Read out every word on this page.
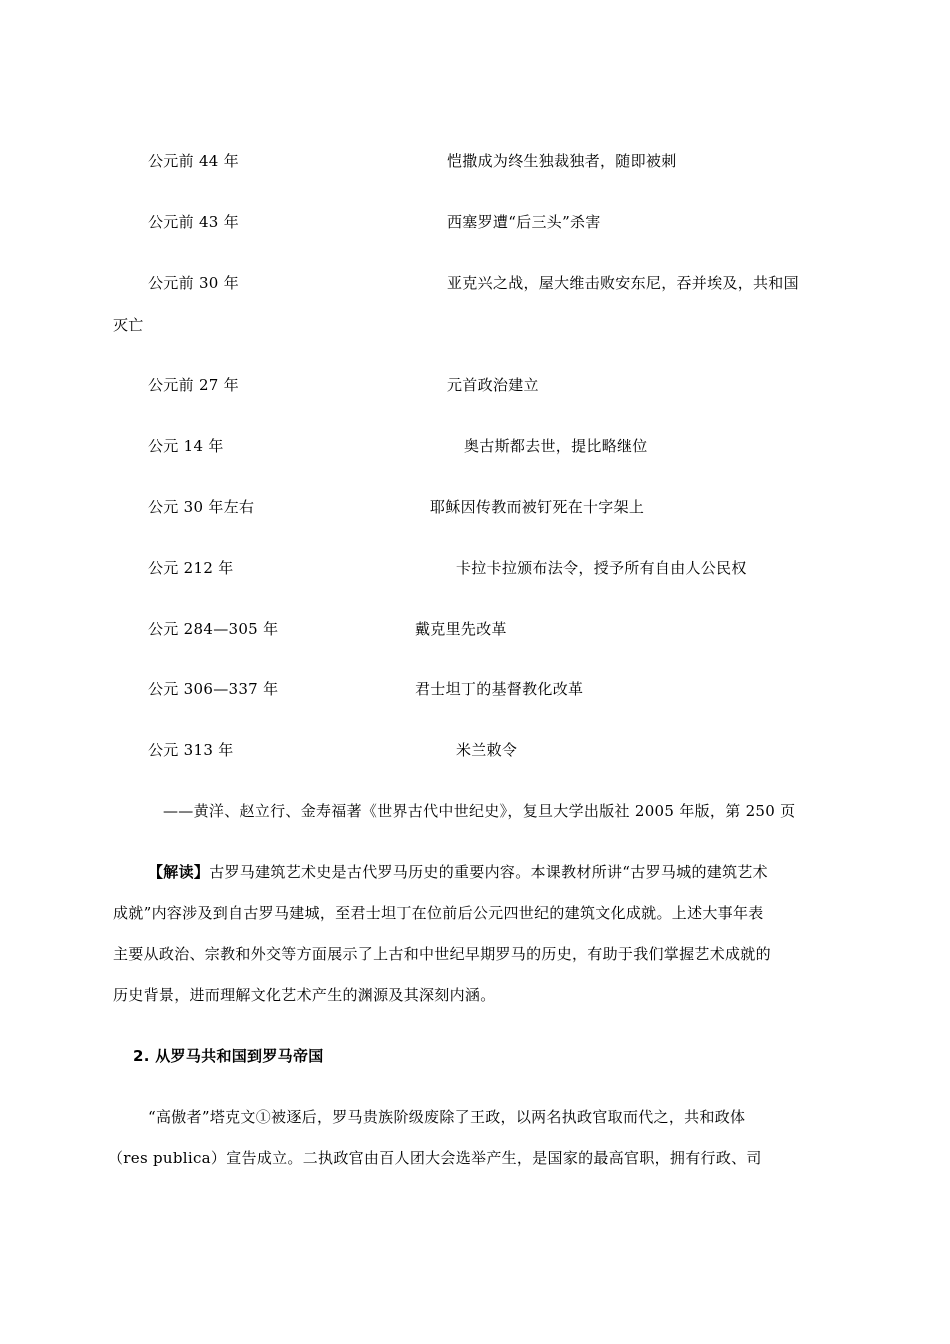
公元前 44 年	恺撒成为终生独裁独者，随即被刺
公元前 43 年	西塞罗遭“后三头”杀害
公元前 30 年	亚克兴之战，屋大维击败安东尼，吞并埃及，共和国
灭亡
公元前 27 年	元首政治建立
公元 14 年	奥古斯都去世，提比略继位
公元 30 年左右	耶稣因传教而被钉死在十字架上
公元 212 年	卡拉卡拉颁布法令，授予所有自由人公民权
公元 284—305 年	戴克里先改革
公元 306—337 年	君士坦丁的基督教化改革
公元 313 年	米兰敕令
——黄洋、赵立行、金寿福著《世界古代中世纪史》，复旦大学出版社 2005 年版，第 250 页
【解读】古罗马建筑艺术史是古代罗马历史的重要内容。本课教材所讲“古罗马城的建筑艺术
成就”内容涉及到自古罗马建城，至君士坦丁在位前后公元四世纪的建筑文化成就。上述大事年表
主要从政治、宗教和外交等方面展示了上古和中世纪早期罗马的历史，有助于我们掌握艺术成就的
历史背景，进而理解文化艺术产生的渊源及其深刻内涵。
2. 从罗马共和国到罗马帝国
“高傲者”塔克文①被逐后，罗马贵族阶级废除了王政，以两名执政官取而代之，共和政体
（res publica）宣告成立。二执政官由百人团大会选举产生，是国家的最高官职，拥有行政、司
